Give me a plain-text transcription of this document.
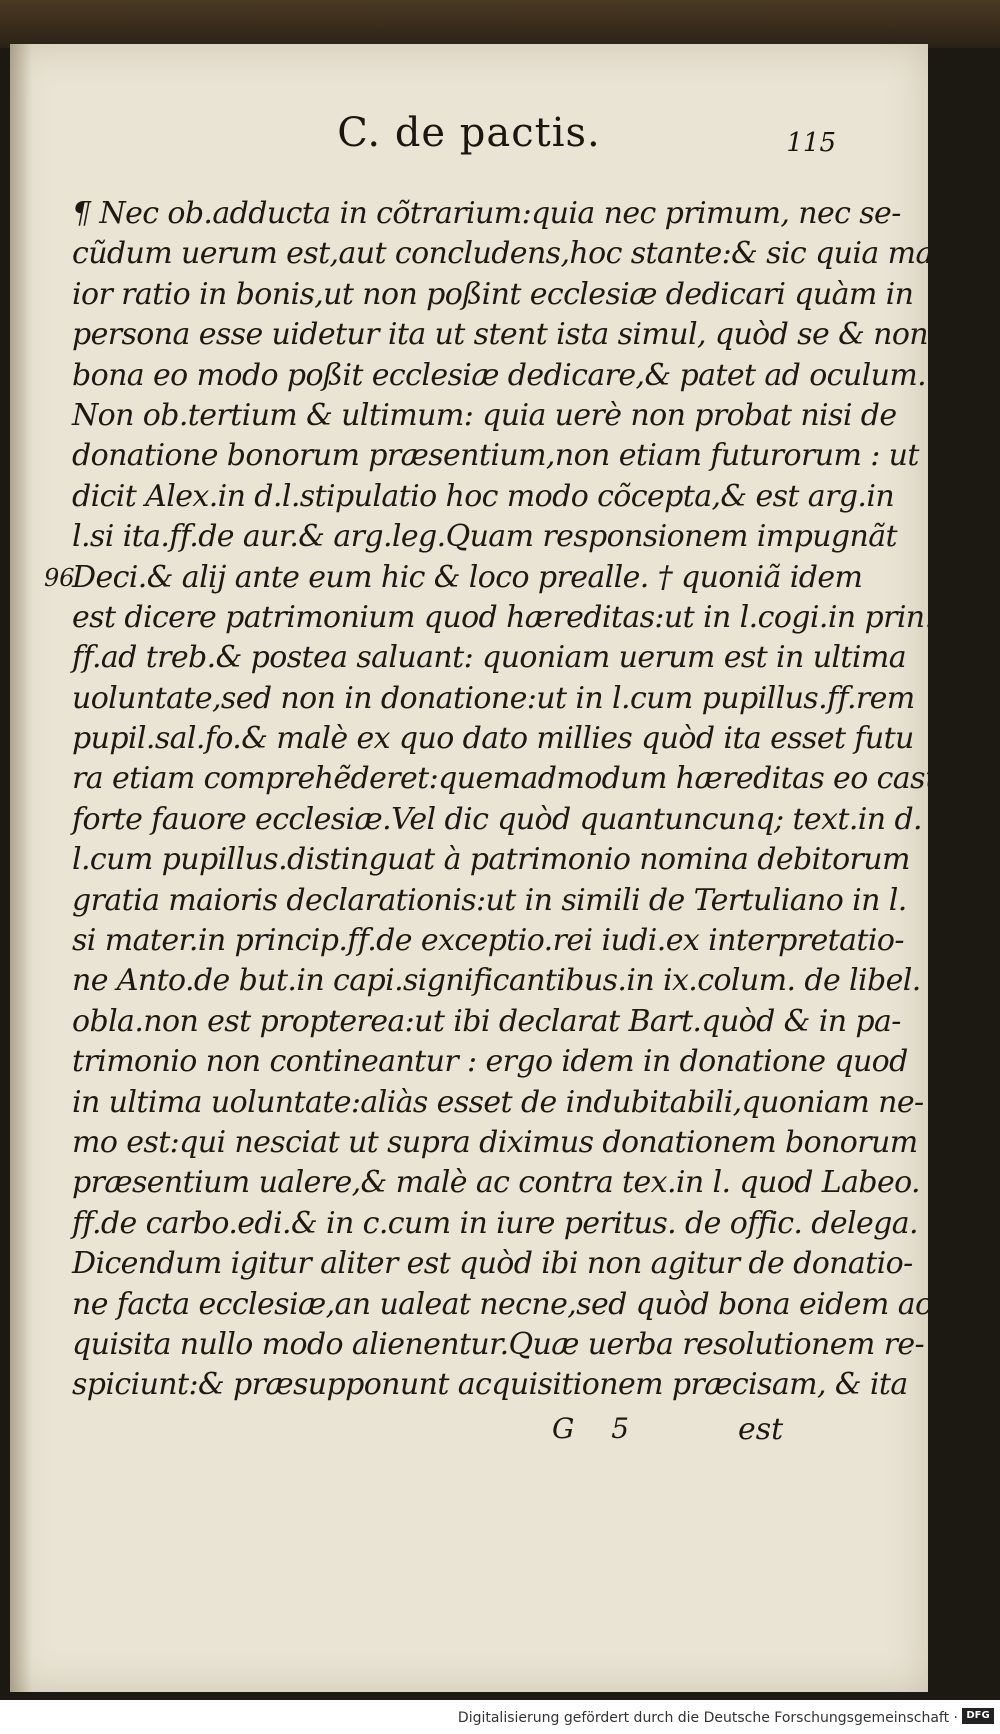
C. de pactis.	115
96
¶ Nec ob.adducta in cõtrarium:quia nec primum, nec se-
cũdum uerum est,aut concludens,hoc stante:& sic quia ma
ior ratio in bonis,ut non poßint ecclesiæ dedicari quàm in
persona esse uidetur ita ut stent ista simul, quòd se & non
bona eo modo poßit ecclesiæ dedicare,& patet ad oculum.
Non ob.tertium & ultimum: quia uerè non probat nisi de
donatione bonorum præsentium,non etiam futurorum : ut
dicit Alex.in d.l.stipulatio hoc modo cõcepta,& est arg.in
l.si ita.ff.de aur.& arg.leg.Quam responsionem impugnãt
Deci.& alij ante eum hic & loco prealle. † quoniã idem
est dicere patrimonium quod hæreditas:ut in l.cogi.in prin.
ff.ad treb.& postea saluant: quoniam uerum est in ultima
uoluntate,sed non in donatione:ut in l.cum pupillus.ff.rem
pupil.sal.fo.& malè ex quo dato millies quòd ita esset futu
ra etiam comprehẽderet:quemadmodum hæreditas eo casu
forte fauore ecclesiæ.Vel dic quòd quantuncunq; text.in d.
l.cum pupillus.distinguat à patrimonio nomina debitorum
gratia maioris declarationis:ut in simili de Tertuliano in l.
si mater.in princip.ff.de exceptio.rei iudi.ex interpretatio-
ne Anto.de but.in capi.significantibus.in ix.colum. de libel.
obla.non est propterea:ut ibi declarat Bart.quòd & in pa-
trimonio non contineantur : ergo idem in donatione quod
in ultima uoluntate:aliàs esset de indubitabili,quoniam ne-
mo est:qui nesciat ut supra diximus donationem bonorum
præsentium ualere,& malè ac contra tex.in l. quod Labeo.
ff.de carbo.edi.& in c.cum in iure peritus. de offic. delega.
Dicendum igitur aliter est quòd ibi non agitur de donatio-
ne facta ecclesiæ,an ualeat necne,sed quòd bona eidem ac-
quisita nullo modo alienentur.Quæ uerba resolutionem re-
spiciunt:& præsupponunt acquisitionem præcisam, & ita
G 5	est
Digitalisierung gefördert durch die Deutsche Forschungsgemeinschaft · DFG
